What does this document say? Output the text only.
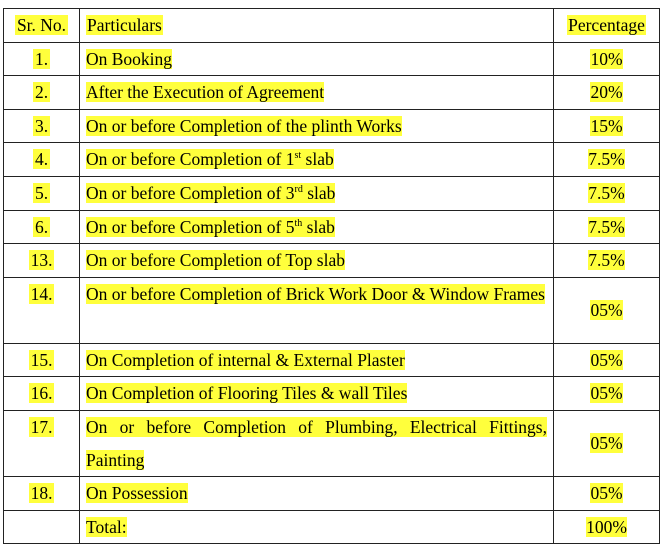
Sr. No.	Particulars	Percentage
1.	On Booking	10%
2.	After the Execution of Agreement	20%
3.	On or before Completion of the plinth Works	15%
4.	On or before Completion of 1st slab	7.5%
5.	On or before Completion of 3rd slab	7.5%
6.	On or before Completion of 5th slab	7.5%
13.	On or before Completion of Top slab	7.5%
14.	On or before Completion of Brick Work Door & Window Frames	05%
15.	On Completion of internal & External Plaster	05%
16.	On Completion of Flooring Tiles & wall Tiles	05%
17.	On or before Completion of Plumbing, Electrical Fittings, Painting	05%
18.	On Possession	05%
	Total:	100%
